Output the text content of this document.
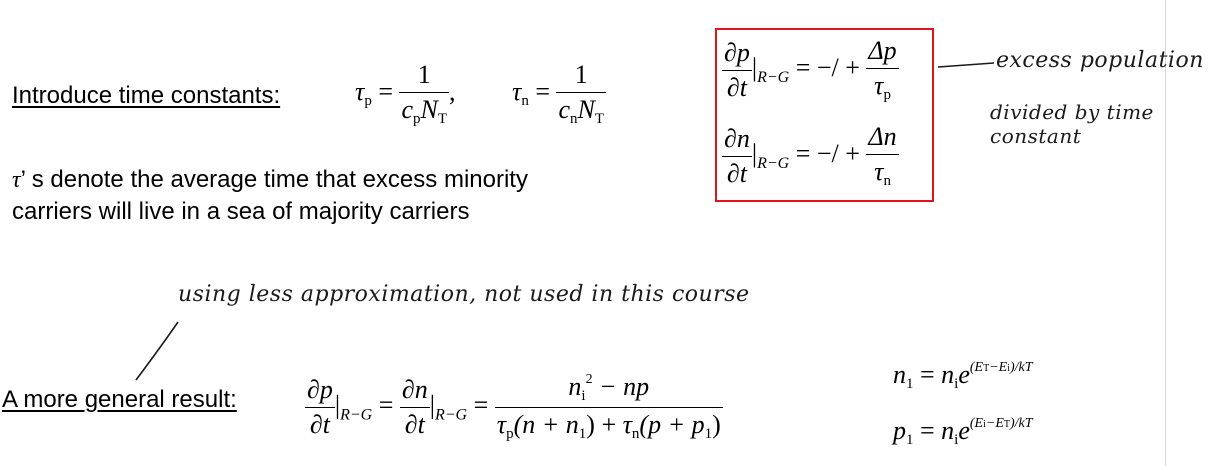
Introduce time constants:	$\tau_p = \frac{1}{c_pN_T}$ , $\tau_n = \frac{1}{c_nN_T}$
τ’ s denote the average time that excess minority
carriers will live in a sea of majority carriers
$\frac{\partial p}{\partial t} |_{R-G}$ = −/ + $\frac{\Delta p}{\tau_p}$
$\frac{\partial n}{\partial t} |_{R-G}$ = −/ + $\frac{\Delta n}{\tau_n}$
excess population
divided by time constant
using less approximation, not used in this course
A more general result:	$\frac{\partial p}{\partial t} |_{R-G} = \frac{\partial n}{\partial t} |_{R-G} = \frac{n_i^2 - np}{\tau_p(n + n_1) + \tau_n(p + p_1)}$	$n_1 = n_ie^{(ET-Ei)/kT}$
$p_1 = n_ie^{(Ei-ET)/kT}$
